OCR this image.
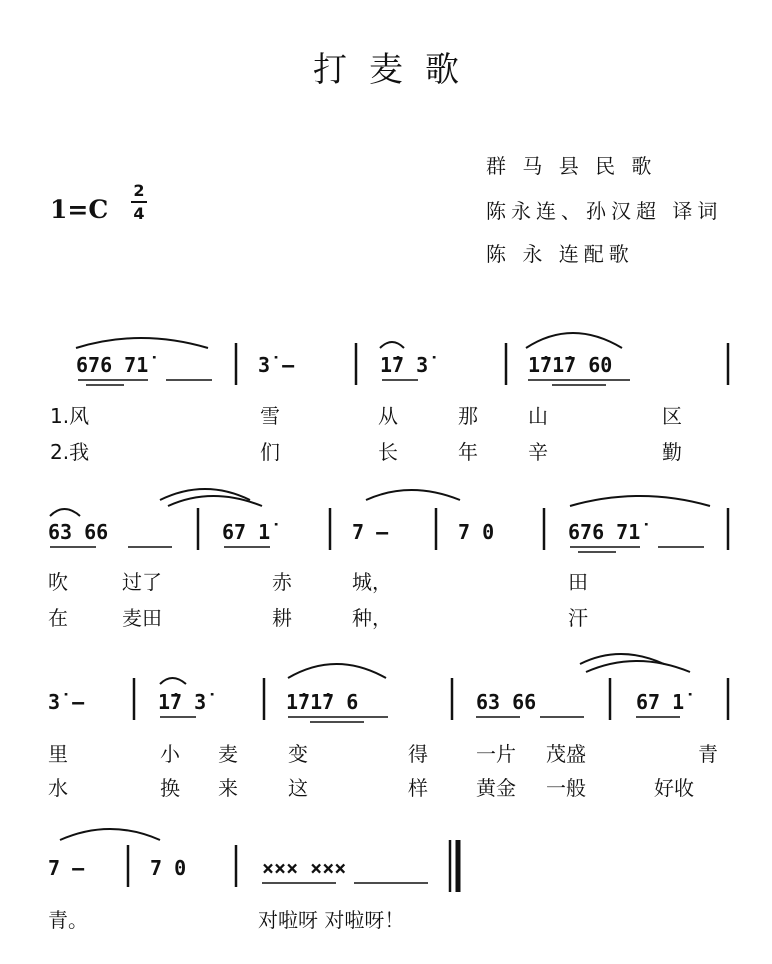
打麦歌
群 马 县 民 歌
陈永连、孙汉超 译词
陈 永 连配歌
1=C
2
4
676 71̇	3̇ —	1̇7 3̇	1̇71̇7 60
1.风	雪	从	那	山	区
2.我	们	长	年	辛	勤
63 66	67 1̇	7 —	7 0	676 71̇
吹	过了	赤	城，	田
在	麦田	耕	种，	汗
3̇ —	1̇7 3̇	1̇71̇7 6	63 66	67 1̇
里	小 麦	变	得 一片 茂盛	青
水	换 来	这	样 黄金 一般	好收
7 —	7 0	××× ×××
青。	对啦呀 对啦呀！
